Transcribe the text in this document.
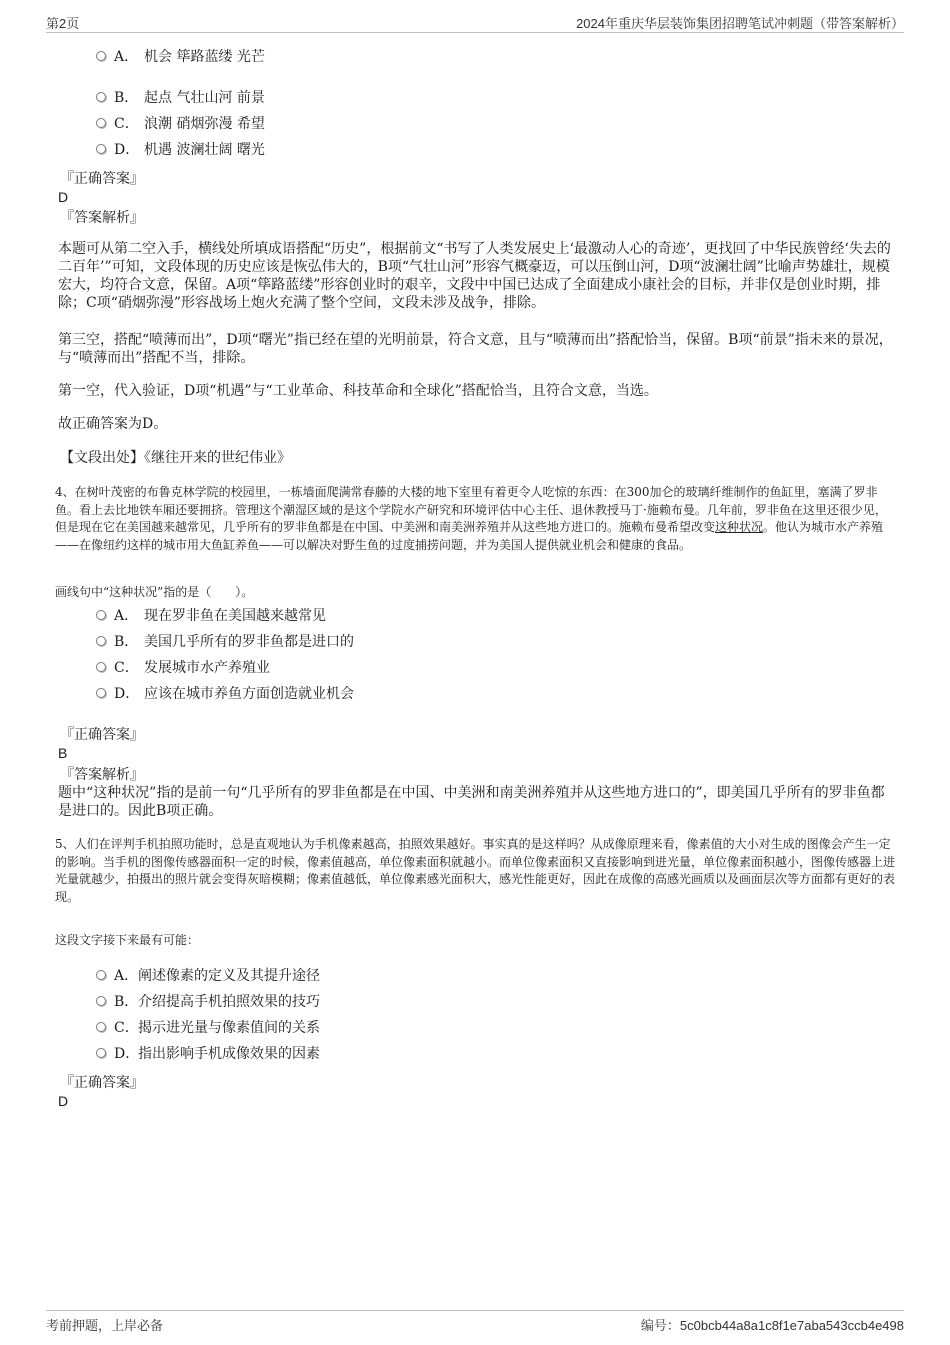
第2页	2024年重庆华层装饰集团招聘笔试冲刺题（带答案解析）
A． 机会 筚路蓝缕 光芒
B． 起点 气壮山河 前景
C． 浪潮 硝烟弥漫 希望
D． 机遇 波澜壮阔 曙光
『正确答案』
D
『答案解析』

本题可从第二空入手，横线处所填成语搭配“历史”，根据前文“书写了人类发展史上‘最激动人心的奇迹’，更找回了中华民族曾经‘失去的二百年’”可知，文段体现的历史应该是恢弘伟大的，B项“气壮山河”形容气概豪迈，可以压倒山河，D项“波澜壮阔”比喻声势雄壮，规模宏大，均符合文意，保留。A项“筚路蓝缕”形容创业时的艰辛，文段中中国已达成了全面建成小康社会的目标，并非仅是创业时期，排除；C项“硝烟弥漫”形容战场上炮火充满了整个空间，文段未涉及战争，排除。

第三空，搭配“喷薄而出”，D项“曙光”指已经在望的光明前景，符合文意，且与“喷薄而出”搭配恰当，保留。B项“前景”指未来的景况，与“喷薄而出”搭配不当，排除。

第一空，代入验证，D项“机遇”与“工业革命、科技革命和全球化”搭配恰当，且符合文意，当选。

故正确答案为D。

【文段出处】《继往开来的世纪伟业》

4、在树叶茂密的布鲁克林学院的校园里，一栋墙面爬满常春藤的大楼的地下室里有着更令人吃惊的东西：在300加仑的玻璃纤维制作的鱼缸里，塞满了罗非鱼。看上去比地铁车厢还要拥挤。管理这个潮湿区域的是这个学院水产研究和环境评估中心主任、退休教授马丁·施赖布曼。几年前，罗非鱼在这里还很少见，但是现在它在美国越来越常见，几乎所有的罗非鱼都是在中国、中美洲和南美洲养殖并从这些地方进口的。施赖布曼希望改变这种状况。他认为城市水产养殖——在像纽约这样的城市用大鱼缸养鱼——可以解决对野生鱼的过度捕捞问题，并为美国人提供就业机会和健康的食品。

画线句中“这种状况”指的是（　　）。

A． 现在罗非鱼在美国越来越常见
B． 美国几乎所有的罗非鱼都是进口的
C． 发展城市水产养殖业
D． 应该在城市养鱼方面创造就业机会
『正确答案』
B
『答案解析』

题中“这种状况”指的是前一句“几乎所有的罗非鱼都是在中国、中美洲和南美洲养殖并从这些地方进口的”，即美国几乎所有的罗非鱼都是进口的。因此B项正确。

5、人们在评判手机拍照功能时，总是直观地认为手机像素越高，拍照效果越好。事实真的是这样吗？从成像原理来看，像素值的大小对生成的图像会产生一定的影响。当手机的图像传感器面积一定的时候，像素值越高，单位像素面积就越小。而单位像素面积又直接影响到进光量，单位像素面积越小，图像传感器上进光量就越少，拍摄出的照片就会变得灰暗模糊；像素值越低，单位像素感光面积大，感光性能更好，因此在成像的高感光画质以及画面层次等方面都有更好的表现。

这段文字接下来最有可能：

A．阐述像素的定义及其提升途径
B．介绍提高手机拍照效果的技巧
C．揭示进光量与像素值间的关系
D．指出影响手机成像效果的因素
『正确答案』
D
考前押题，上岸必备	编号：5c0bcb44a8a1c8f1e7aba543ccb4e498
